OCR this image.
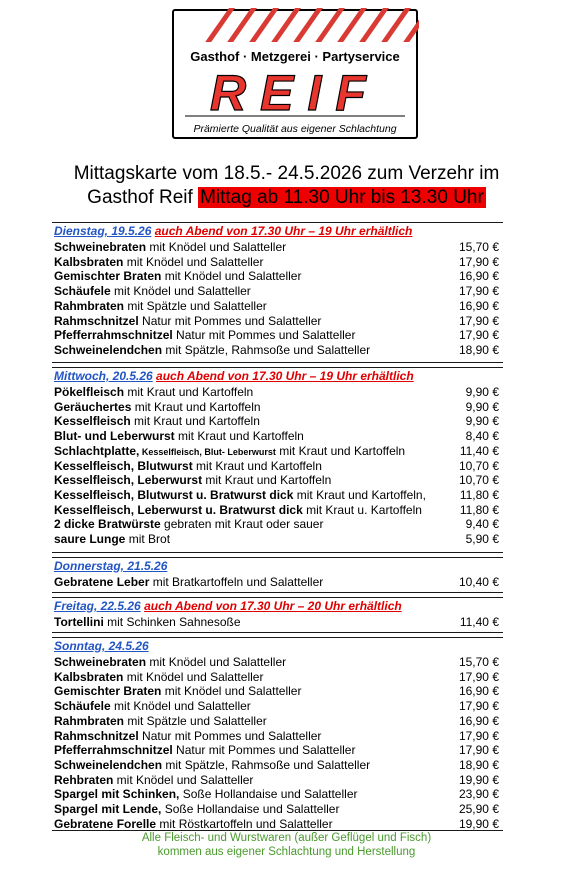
Gasthof · Metzgerei · Partyservice
REIF
Prämierte Qualität aus eigener Schlachtung
Mittagskarte vom 18.5.- 24.5.2026 zum Verzehr im
Gasthof Reif Mittag ab 11.30 Uhr bis 13.30 Uhr
Dienstag, 19.5.26 auch Abend von 17.30 Uhr – 19 Uhr erhältlich
Schweinebraten mit Knödel und Salatteller	15,70 €
Kalbsbraten mit Knödel und Salatteller	17,90 €
Gemischter Braten mit Knödel und Salatteller	16,90 €
Schäufele mit Knödel und Salatteller	17,90 €
Rahmbraten mit Spätzle und Salatteller	16,90 €
Rahmschnitzel Natur mit Pommes und Salatteller	17,90 €
Pfefferrahmschnitzel Natur mit Pommes und Salatteller	17,90 €
Schweinelendchen mit Spätzle, Rahmsoße und Salatteller	18,90 €
Mittwoch, 20.5.26 auch Abend von 17.30 Uhr – 19 Uhr erhältlich
Pökelfleisch mit Kraut und Kartoffeln	9,90 €
Geräuchertes mit Kraut und Kartoffeln	9,90 €
Kesselfleisch mit Kraut und Kartoffeln	9,90 €
Blut- und Leberwurst mit Kraut und Kartoffeln	8,40 €
Schlachtplatte, Kesselfleisch, Blut- Leberwurst mit Kraut und Kartoffeln	11,40 €
Kesselfleisch, Blutwurst mit Kraut und Kartoffeln	10,70 €
Kesselfleisch, Leberwurst mit Kraut und Kartoffeln	10,70 €
Kesselfleisch, Blutwurst u. Bratwurst dick mit Kraut und Kartoffeln,	11,80 €
Kesselfleisch, Leberwurst u. Bratwurst dick mit Kraut u. Kartoffeln	11,80 €
2 dicke Bratwürste gebraten mit Kraut oder sauer	9,40 €
saure Lunge mit Brot	5,90 €
Donnerstag, 21.5.26
Gebratene Leber mit Bratkartoffeln und Salatteller	10,40 €
Freitag, 22.5.26 auch Abend von 17.30 Uhr – 20 Uhr erhältlich
Tortellini mit Schinken Sahnesoße	11,40 €
Sonntag, 24.5.26
Schweinebraten mit Knödel und Salatteller	15,70 €
Kalbsbraten mit Knödel und Salatteller	17,90 €
Gemischter Braten mit Knödel und Salatteller	16,90 €
Schäufele mit Knödel und Salatteller	17,90 €
Rahmbraten mit Spätzle und Salatteller	16,90 €
Rahmschnitzel Natur mit Pommes und Salatteller	17,90 €
Pfefferrahmschnitzel Natur mit Pommes und Salatteller	17,90 €
Schweinelendchen mit Spätzle, Rahmsoße und Salatteller	18,90 €
Rehbraten mit Knödel und Salatteller	19,90 €
Spargel mit Schinken, Soße Hollandaise und Salatteller	23,90 €
Spargel mit Lende, Soße Hollandaise und Salatteller	25,90 €
Gebratene Forelle mit Röstkartoffeln und Salatteller	19,90 €
Alle Fleisch- und Wurstwaren (außer Geflügel und Fisch)
kommen aus eigener Schlachtung und Herstellung
